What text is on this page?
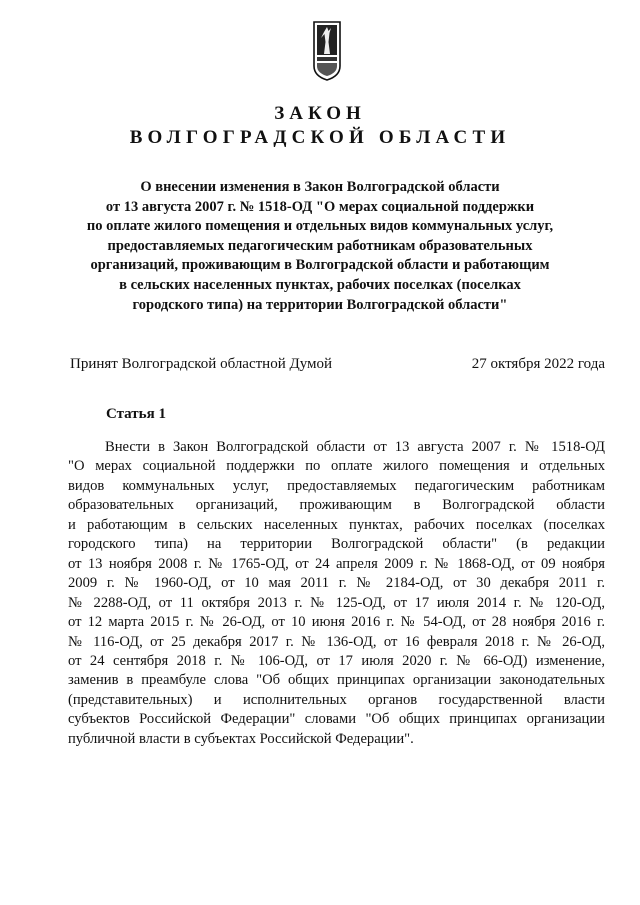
ЗАКОН
ВОЛГОГРАДСКОЙ ОБЛАСТИ

О внесении изменения в Закон Волгоградской области
от 13 августа 2007 г. № 1518-ОД "О мерах социальной поддержки
по оплате жилого помещения и отдельных видов коммунальных услуг,
предоставляемых педагогическим работникам образовательных
организаций, проживающим в Волгоградской области и работающим
в сельских населенных пунктах, рабочих поселках (поселках
городского типа) на территории Волгоградской области"

Принят Волгоградской областной Думой	27 октября 2022 года
Статья 1

Внести в Закон Волгоградской области от 13 августа 2007 г. № 1518-ОД
"О мерах социальной поддержки по оплате жилого помещения и отдельных
видов коммунальных услуг, предоставляемых педагогическим работникам
образовательных организаций, проживающим в Волгоградской области
и работающим в сельских населенных пунктах, рабочих поселках (поселках
городского типа) на территории Волгоградской области" (в редакции
от 13 ноября 2008 г. № 1765-ОД, от 24 апреля 2009 г. № 1868-ОД, от 09 ноября
2009 г. № 1960-ОД, от 10 мая 2011 г. № 2184-ОД, от 30 декабря 2011 г.
№ 2288-ОД, от 11 октября 2013 г. № 125-ОД, от 17 июля 2014 г. № 120-ОД,
от 12 марта 2015 г. № 26-ОД, от 10 июня 2016 г. № 54-ОД, от 28 ноября 2016 г.
№ 116-ОД, от 25 декабря 2017 г. № 136-ОД, от 16 февраля 2018 г. № 26-ОД,
от 24 сентября 2018 г. № 106-ОД, от 17 июля 2020 г. № 66-ОД) изменение,
заменив в преамбуле слова "Об общих принципах организации законодательных
(представительных) и исполнительных органов государственной власти
субъектов Российской Федерации" словами "Об общих принципах организации
публичной власти в субъектах Российской Федерации".
